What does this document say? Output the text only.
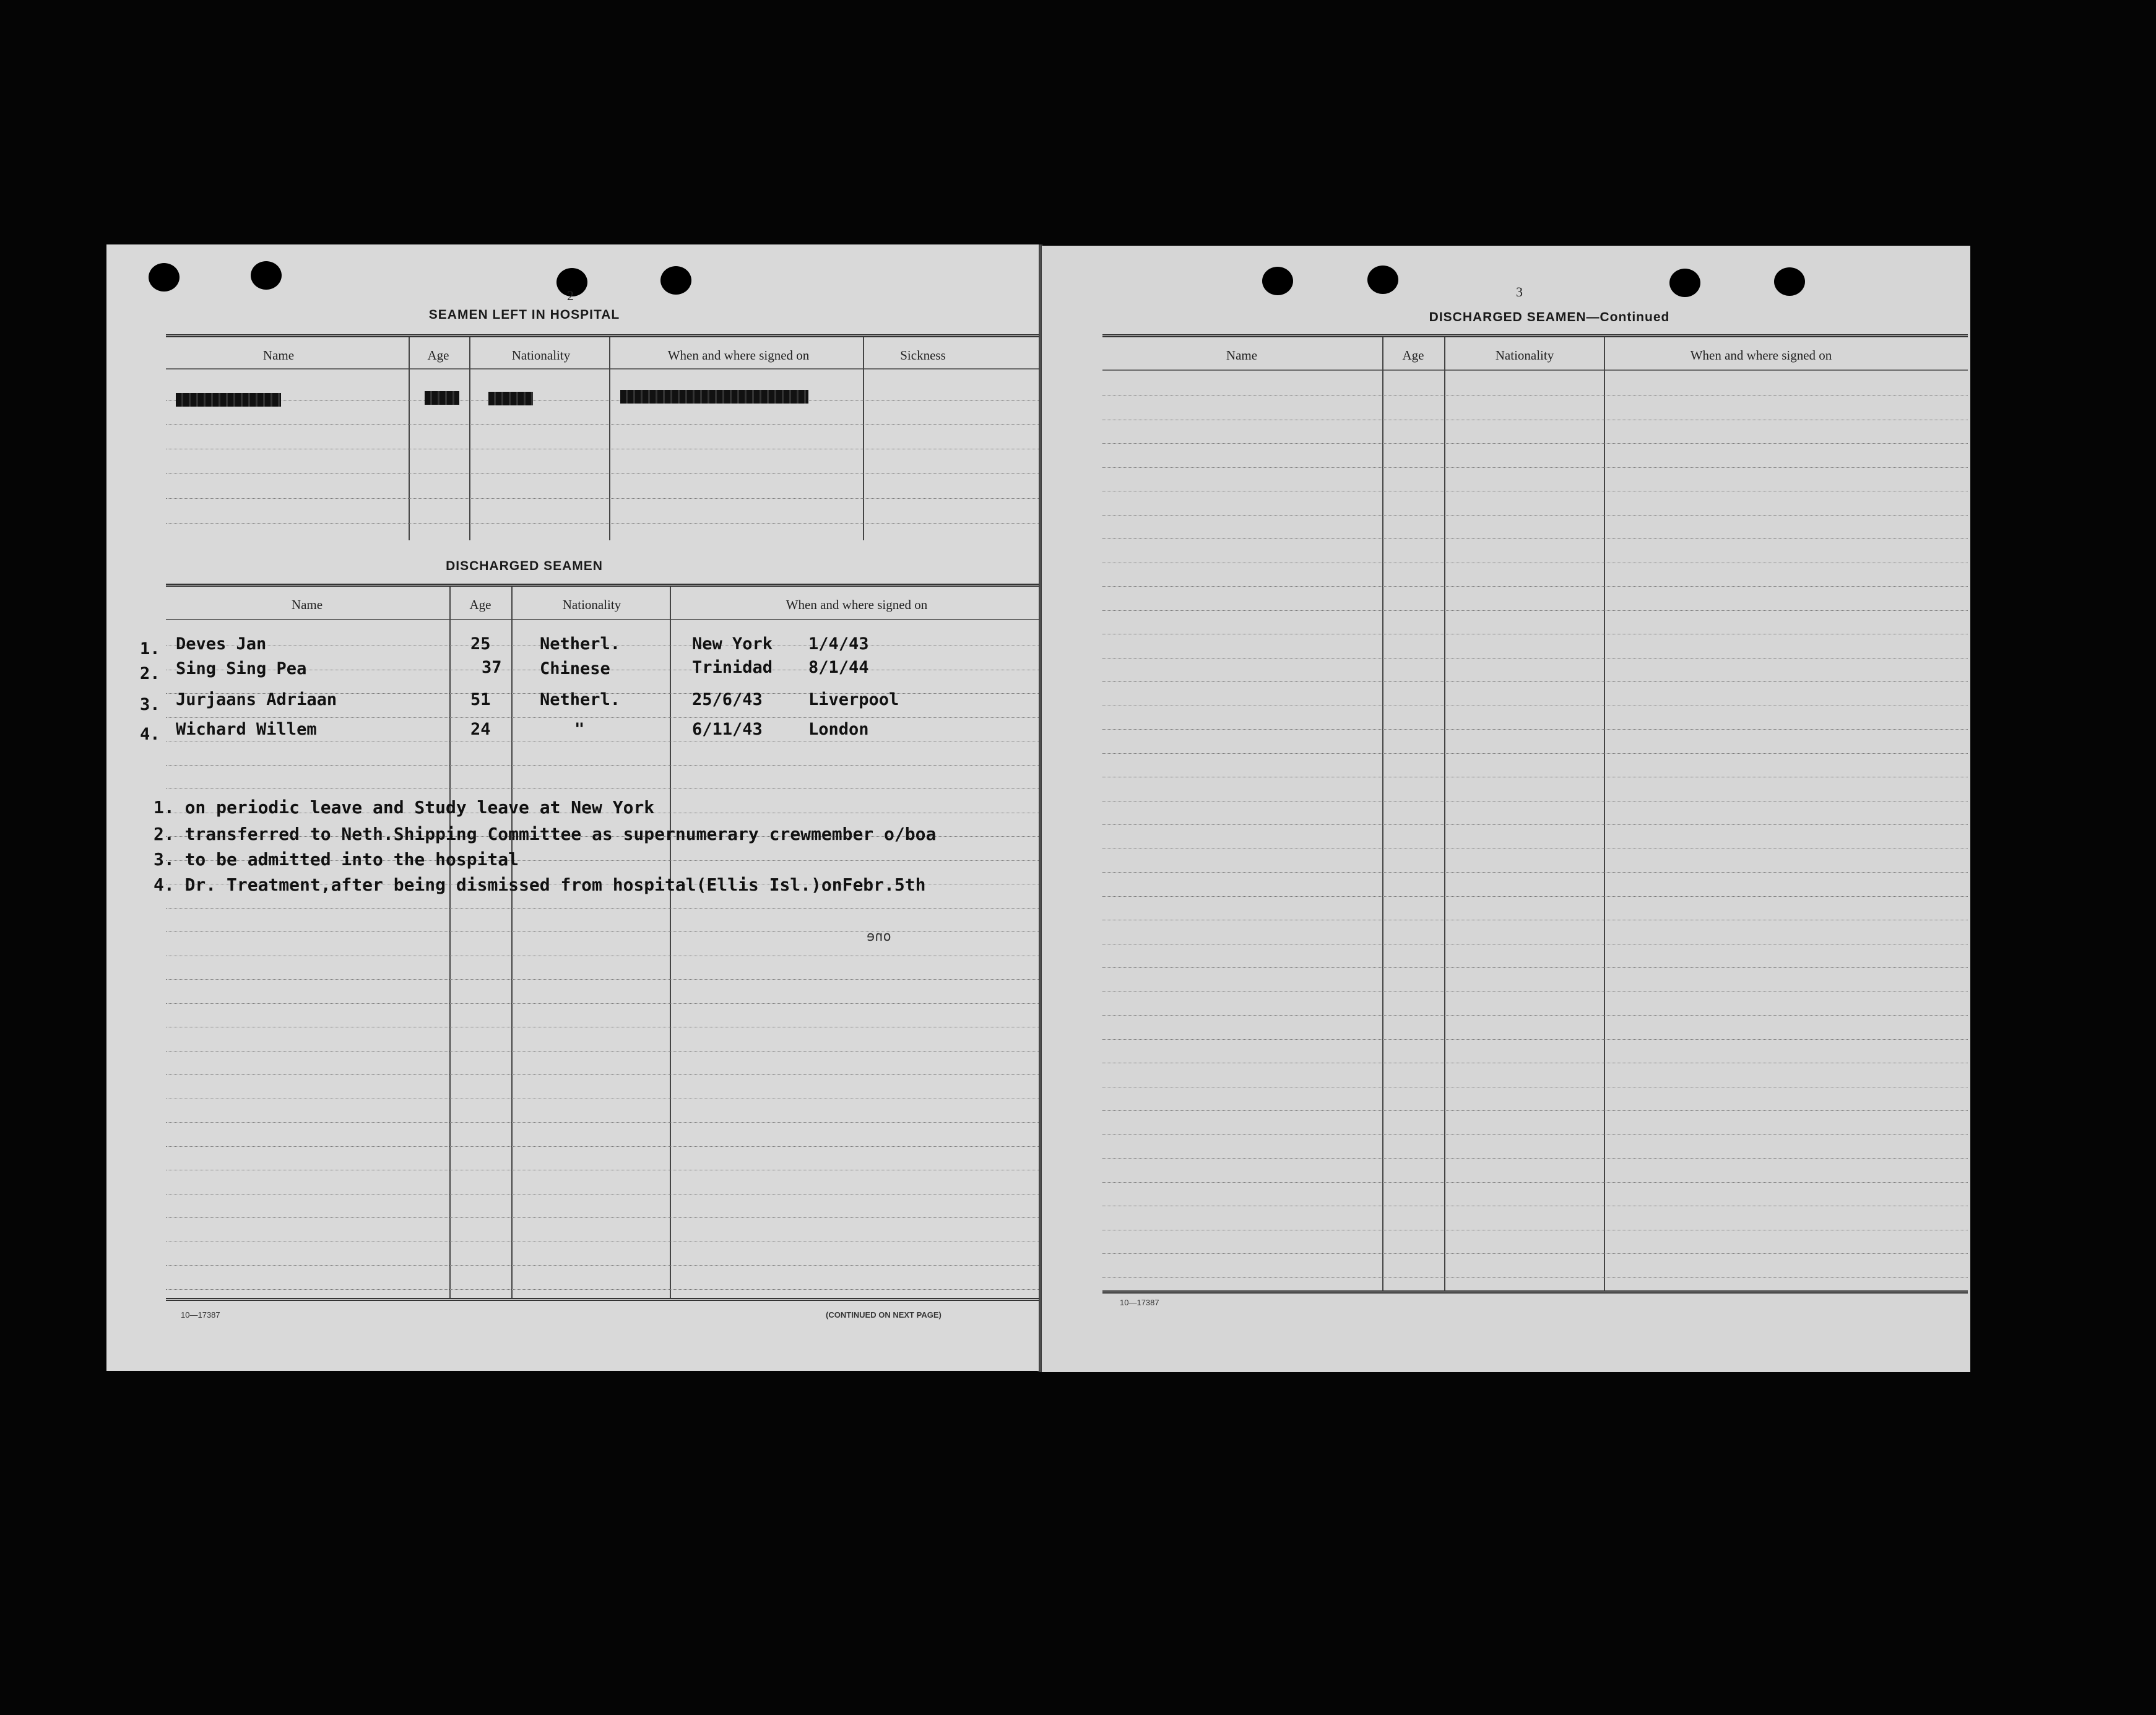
2
SEAMEN LEFT IN HOSPITAL
Name	Age	Nationality	When and where signed on	Sickness
DISCHARGED SEAMEN
Name	Age	Nationality	When and where signed on
1. Deves Jan	25	Netherl.	New York 1/4/43
2. Sing Sing Pea	37 Chinese	Trinidad 8/1/44
3. Jurjaans Adriaan	51	Netherl.	25/6/43	Liverpool
4. Wichard Willem	24	"	6/11/43	London
1. on periodic leave and Study leave at New York
2. transferred to Neth.Shipping Committee as supernumerary crewmember o/boa
3. to be admitted into the hospital
4. Dr. Treatment,after being dismissed from hospital(Ellis Isl.)onFebr.5th
one
10—17387	(CONTINUED ON NEXT PAGE)
3
DISCHARGED SEAMEN—Continued
Name	Age	Nationality	When and where signed on
10—17387
